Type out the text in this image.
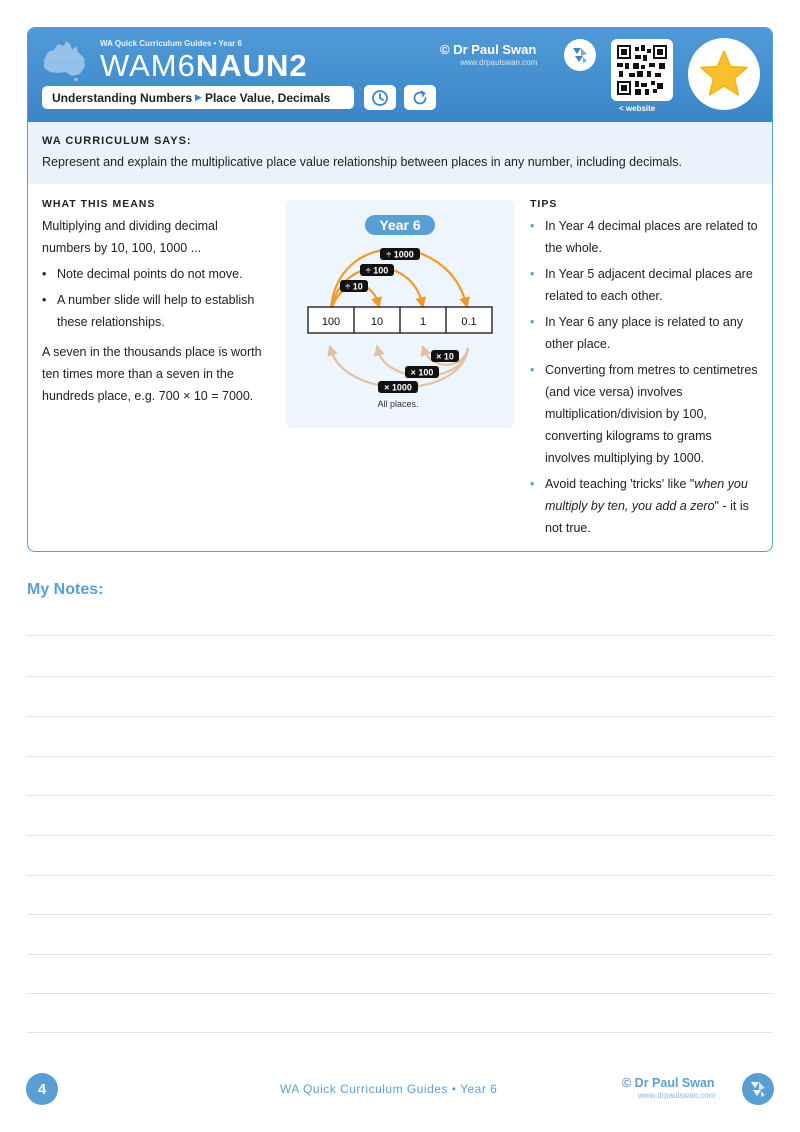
WA Quick Curriculum Guides • Year 6
WAM6NAUN2
Understanding Numbers ▶ Place Value, Decimals
© Dr Paul Swan
www.drpaulswan.com
< website
WA CURRICULUM SAYS:
Represent and explain the multiplicative place value relationship between places in any number, including decimals.
WHAT THIS MEANS

Multiplying and dividing decimal numbers by 10, 100, 1000 ...

• Note decimal points do not move.

• A number slide will help to establish these relationships.

A seven in the thousands place is worth ten times more than a seven in the hundreds place, e.g. 700 × 10 = 7000.

Year 6
÷ 1000
÷ 100
÷ 10
100	10	1	0.1
× 10
× 100
× 1000
All places.
TIPS

• In Year 4 decimal places are related to the whole.

• In Year 5 adjacent decimal places are related to each other.

• In Year 6 any place is related to any other place.

• Converting from metres to centimetres (and vice versa) involves multiplication/division by 100, converting kilograms to grams involves multiplying by 1000.

• Avoid teaching 'tricks' like "when you multiply by ten, you add a zero" - it is not true.

My Notes:
4	WA Quick Curriculum Guides • Year 6	© Dr Paul Swan
www.drpaulswan.com
